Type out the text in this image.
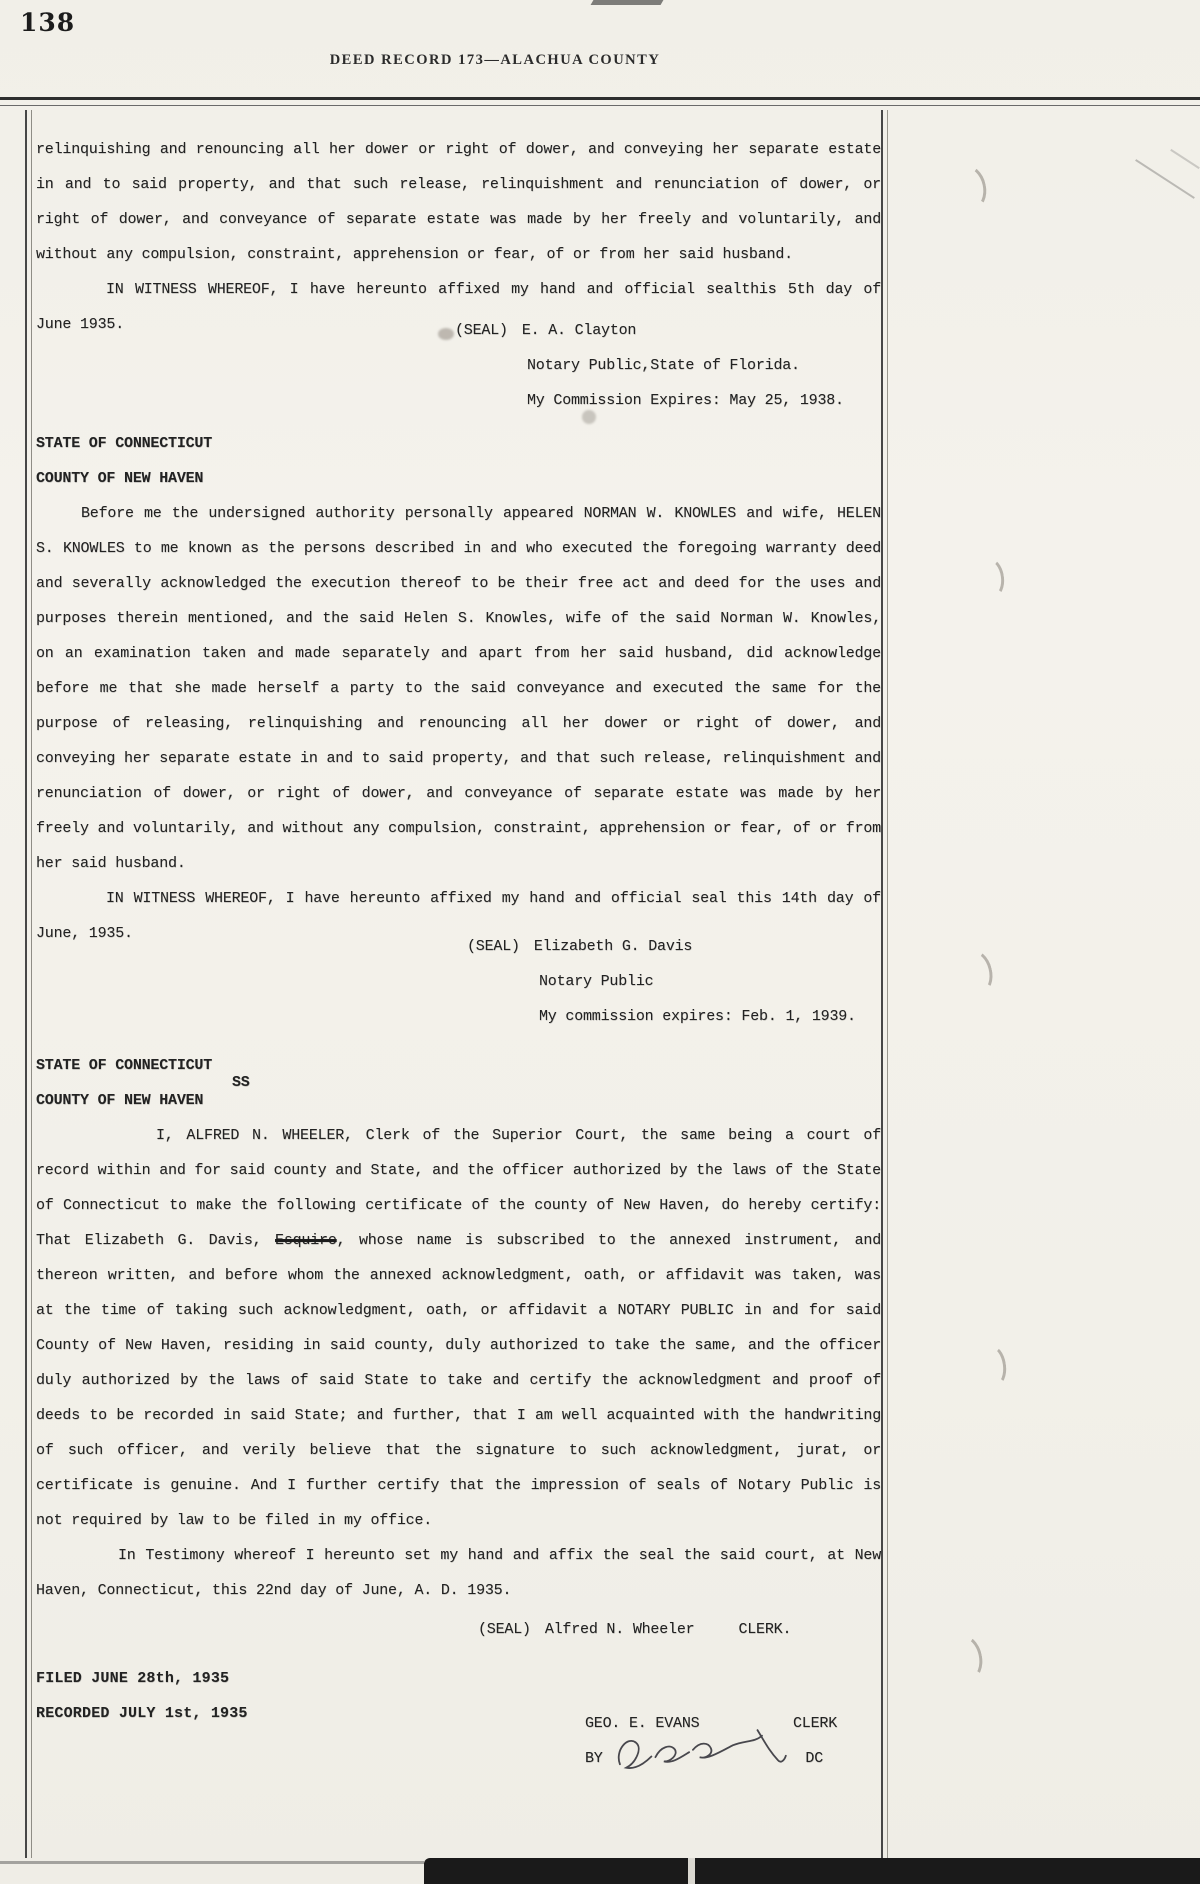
138
DEED RECORD 173—ALACHUA COUNTY

relinquishing and renouncing all her dower or right of dower, and conveying her separate estate in and to said property, and that such release, relinquishment and renunciation of dower, or right of dower, and conveyance of separate estate was made by her freely and voluntarily, and without any compulsion, constraint, apprehension or fear, of or from her said husband.

IN WITNESS WHEREOF, I have hereunto affixed my hand and official sealthis 5th day of June 1935.	(SEAL) E. A. Clayton
Notary Public,State of Florida.
My Commission Expires: May 25, 1938.
STATE OF CONNECTICUT
COUNTY OF NEW HAVEN

Before me the undersigned authority personally appeared NORMAN W. KNOWLES and wife, HELEN S. KNOWLES to me known as the persons described in and who executed the foregoing warranty deed and severally acknowledged the execution thereof to be their free act and deed for the uses and purposes therein mentioned, and the said Helen S. Knowles, wife of the said Norman W. Knowles, on an examination taken and made separately and apart from her said husband, did acknowledge before me that she made herself a party to the said conveyance and executed the same for the purpose of releasing, relinquishing and renouncing all her dower or right of dower, and conveying her separate estate in and to said property, and that such release, relinquishment and renunciation of dower, or right of dower, and conveyance of separate estate was made by her freely and voluntarily, and without any compulsion, constraint, apprehension or fear, of or from her said husband.

IN WITNESS WHEREOF, I have hereunto affixed my hand and official seal this 14th day of June, 1935.

(SEAL) Elizabeth G. Davis
Notary Public
My commission expires: Feb. 1, 1939.
STATE OF CONNECTICUT
SS
COUNTY OF NEW HAVEN

I, ALFRED N. WHEELER, Clerk of the Superior Court, the same being a court of record within and for said county and State, and the officer authorized by the laws of the State of Connecticut to make the following certificate of the county of New Haven, do hereby certify: That Elizabeth G. Davis, Esquire, whose name is subscribed to the annexed instrument, and thereon written, and before whom the annexed acknowledgment, oath, or affidavit was taken, was at the time of taking such acknowledgment, oath, or affidavit a NOTARY PUBLIC in and for said County of New Haven, residing in said county, duly authorized to take the same, and the officer duly authorized by the laws of said State to take and certify the acknowledgment and proof of deeds to be recorded in said State; and further, that I am well acquainted with the handwriting of such officer, and verily believe that the signature to such acknowledgment, jurat, or certificate is genuine. And I further certify that the impression of seals of Notary Public is not required by law to be filed in my office.

In Testimony whereof I hereunto set my hand and affix the seal the said court, at New Haven, Connecticut, this 22nd day of June, A. D. 1935.

(SEAL) Alfred N. Wheeler	CLERK.
FILED JUNE 28th, 1935
RECORDED JULY 1st, 1935
GEO. E. EVANS	CLERK
BY	DC
